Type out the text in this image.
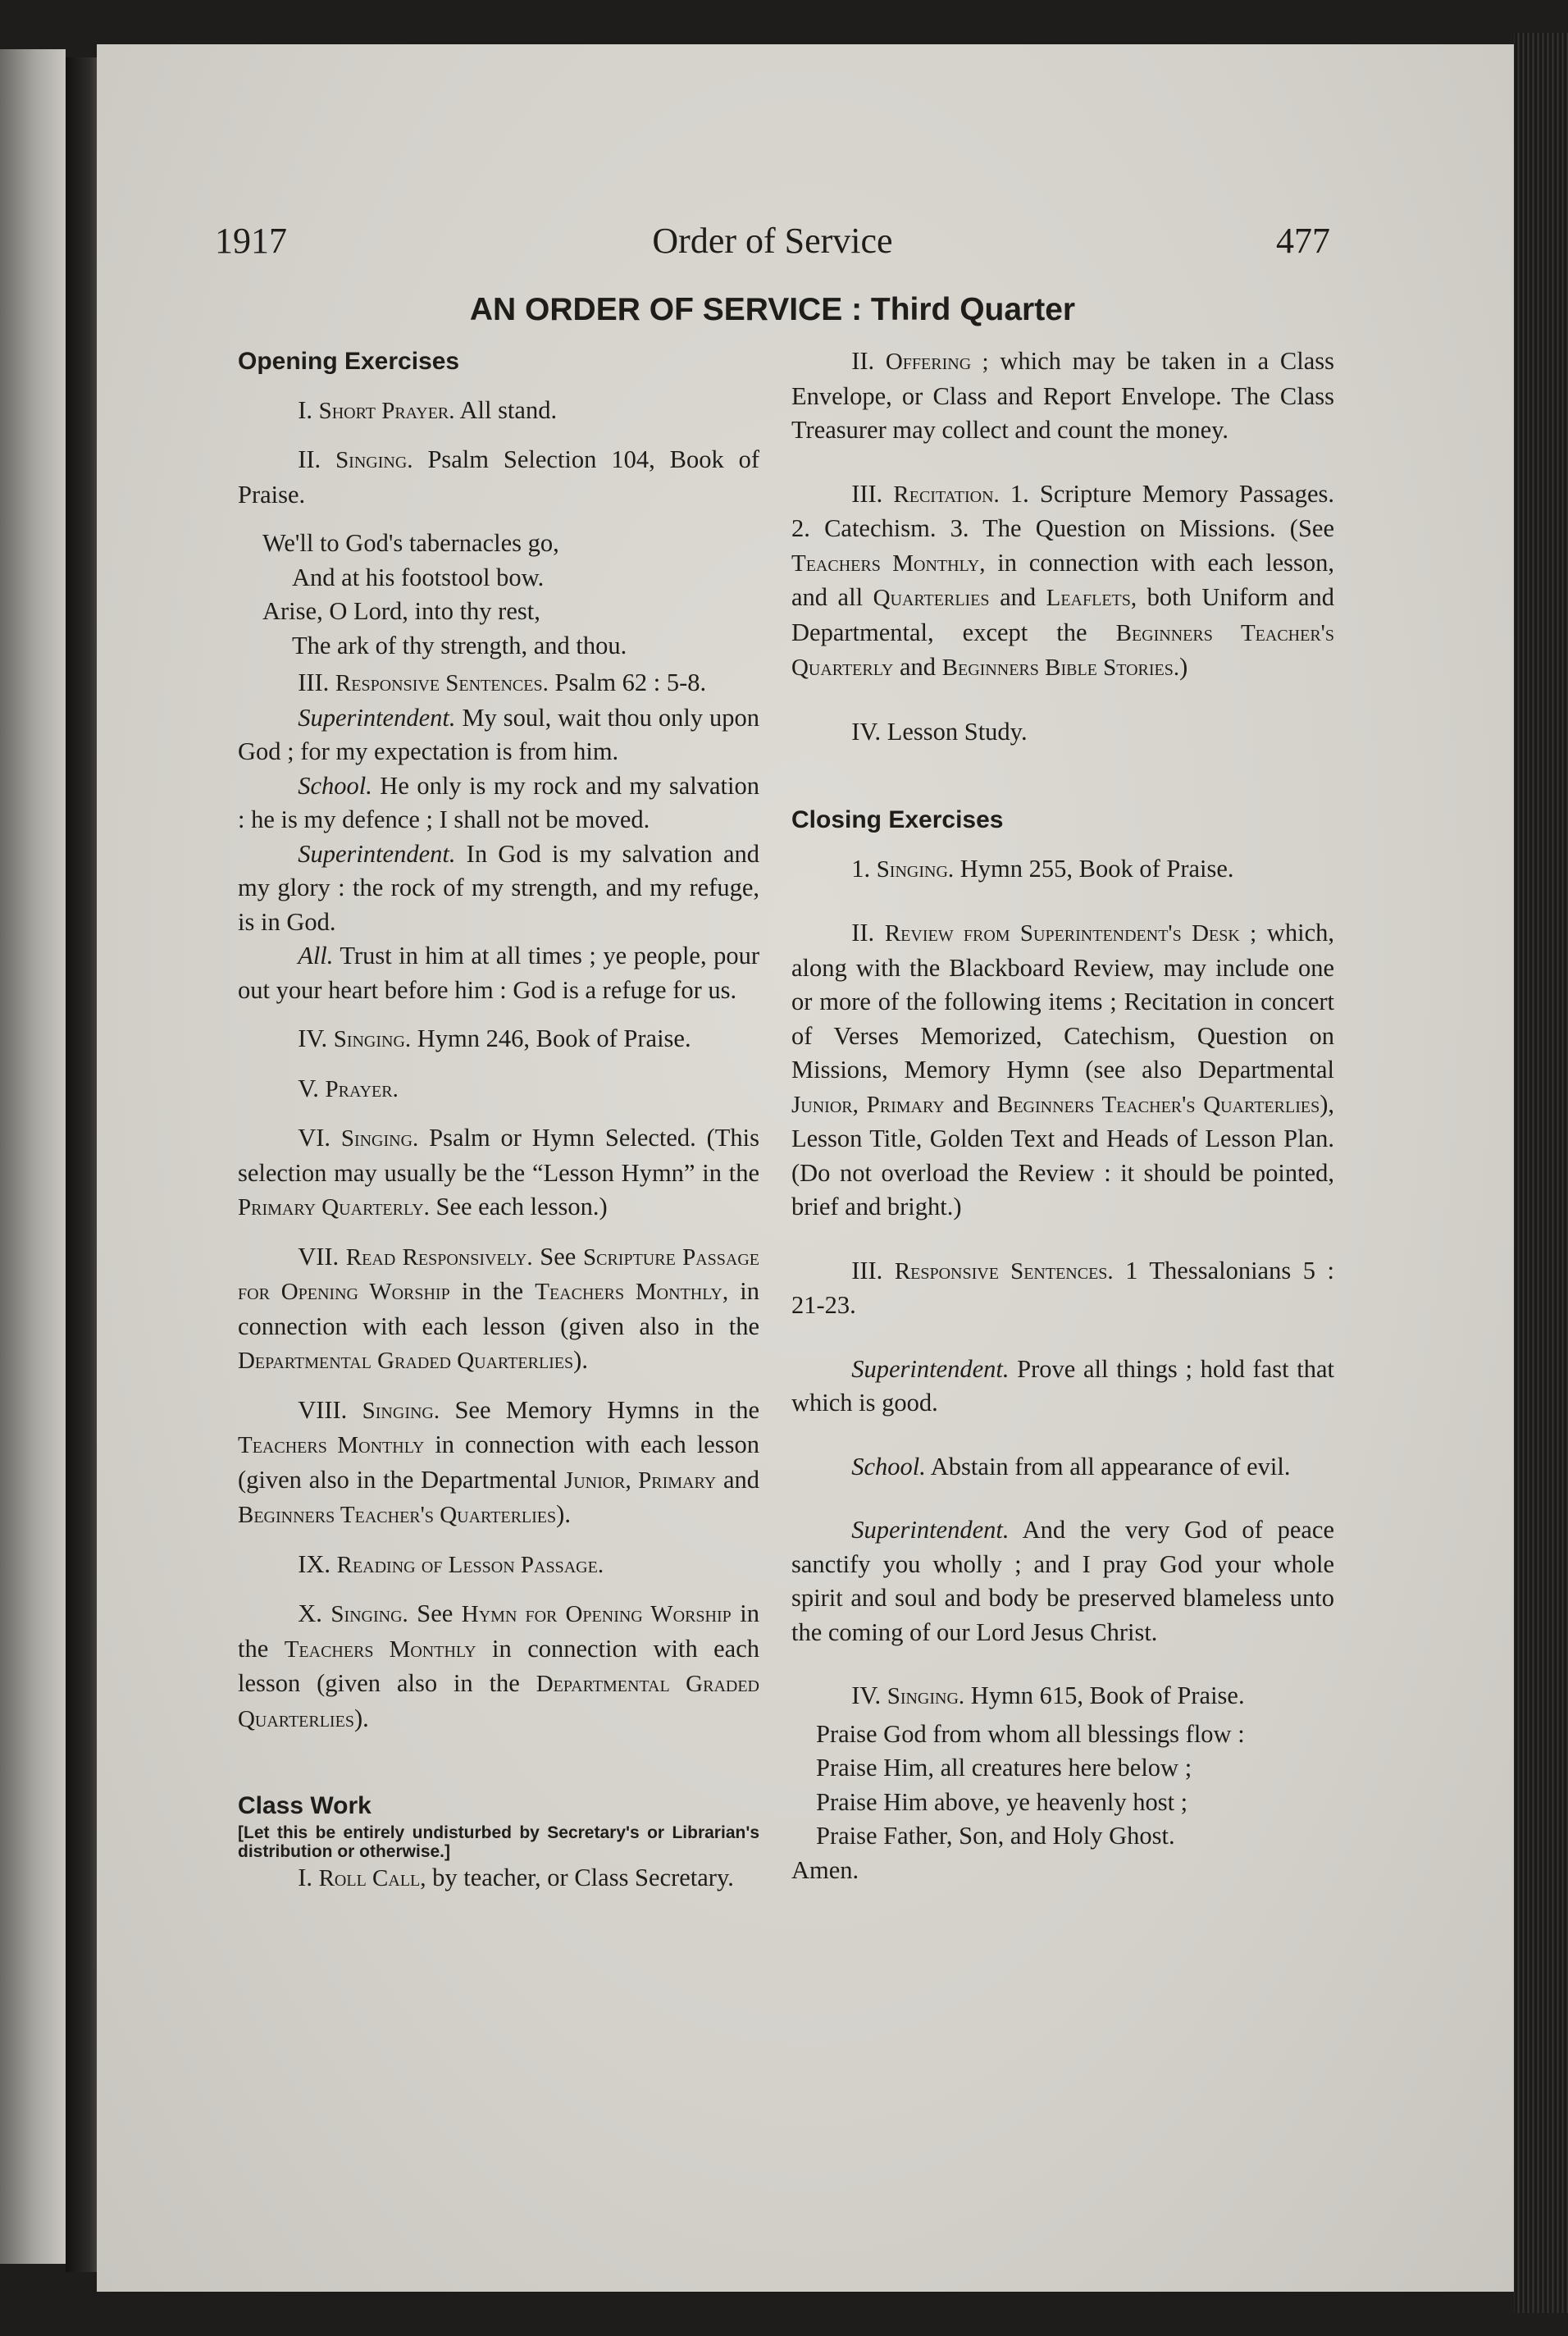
1917	Order of Service	477
AN ORDER OF SERVICE : Third Quarter

Opening Exercises

I. Short Prayer. All stand.

II. Singing. Psalm Selection 104, Book of Praise.

We'll to God's tabernacles go,
And at his footstool bow.
Arise, O Lord, into thy rest,
The ark of thy strength, and thou.

III. Responsive Sentences. Psalm 62 : 5-8.

Superintendent. My soul, wait thou only upon God ; for my expectation is from him.

School. He only is my rock and my salvation : he is my defence ; I shall not be moved.

Superintendent. In God is my salvation and my glory : the rock of my strength, and my refuge, is in God.

All. Trust in him at all times ; ye people, pour out your heart before him : God is a refuge for us.

IV. Singing. Hymn 246, Book of Praise.

V. Prayer.

VI. Singing. Psalm or Hymn Selected. (This selection may usually be the “Lesson Hymn” in the Primary Quarterly. See each lesson.)

VII. Read Responsively. See Scripture Passage for Opening Worship in the Teachers Monthly, in connection with each lesson (given also in the Departmental Graded Quarterlies).

VIII. Singing. See Memory Hymns in the Teachers Monthly in connection with each lesson (given also in the Departmental Junior, Primary and Beginners Teacher's Quarterlies).

IX. Reading of Lesson Passage.

X. Singing. See Hymn for Opening Worship in the Teachers Monthly in connection with each lesson (given also in the Departmental Graded Quarterlies).

Class Work

[Let this be entirely undisturbed by Secretary's or Librarian's distribution or otherwise.]

I. Roll Call, by teacher, or Class Secretary.

II. Offering ; which may be taken in a Class Envelope, or Class and Report Envelope. The Class Treasurer may collect and count the money.

III. Recitation. 1. Scripture Memory Passages. 2. Catechism. 3. The Question on Missions. (See Teachers Monthly, in connection with each lesson, and all Quarterlies and Leaflets, both Uniform and Departmental, except the Beginners Teacher's Quarterly and Beginners Bible Stories.)

IV. Lesson Study.

Closing Exercises

1. Singing. Hymn 255, Book of Praise.

II. Review from Superintendent's Desk ; which, along with the Blackboard Review, may include one or more of the following items ; Recitation in concert of Verses Memorized, Catechism, Question on Missions, Memory Hymn (see also Departmental Junior, Primary and Beginners Teacher's Quarterlies), Lesson Title, Golden Text and Heads of Lesson Plan. (Do not overload the Review : it should be pointed, brief and bright.)

III. Responsive Sentences. 1 Thessalonians 5 : 21-23.

Superintendent. Prove all things ; hold fast that which is good.

School. Abstain from all appearance of evil.

Superintendent. And the very God of peace sanctify you wholly ; and I pray God your whole spirit and soul and body be preserved blameless unto the coming of our Lord Jesus Christ.

IV. Singing. Hymn 615, Book of Praise.

Praise God from whom all blessings flow :
Praise Him, all creatures here below ;
Praise Him above, ye heavenly host ;
Praise Father, Son, and Holy Ghost.

Amen.
